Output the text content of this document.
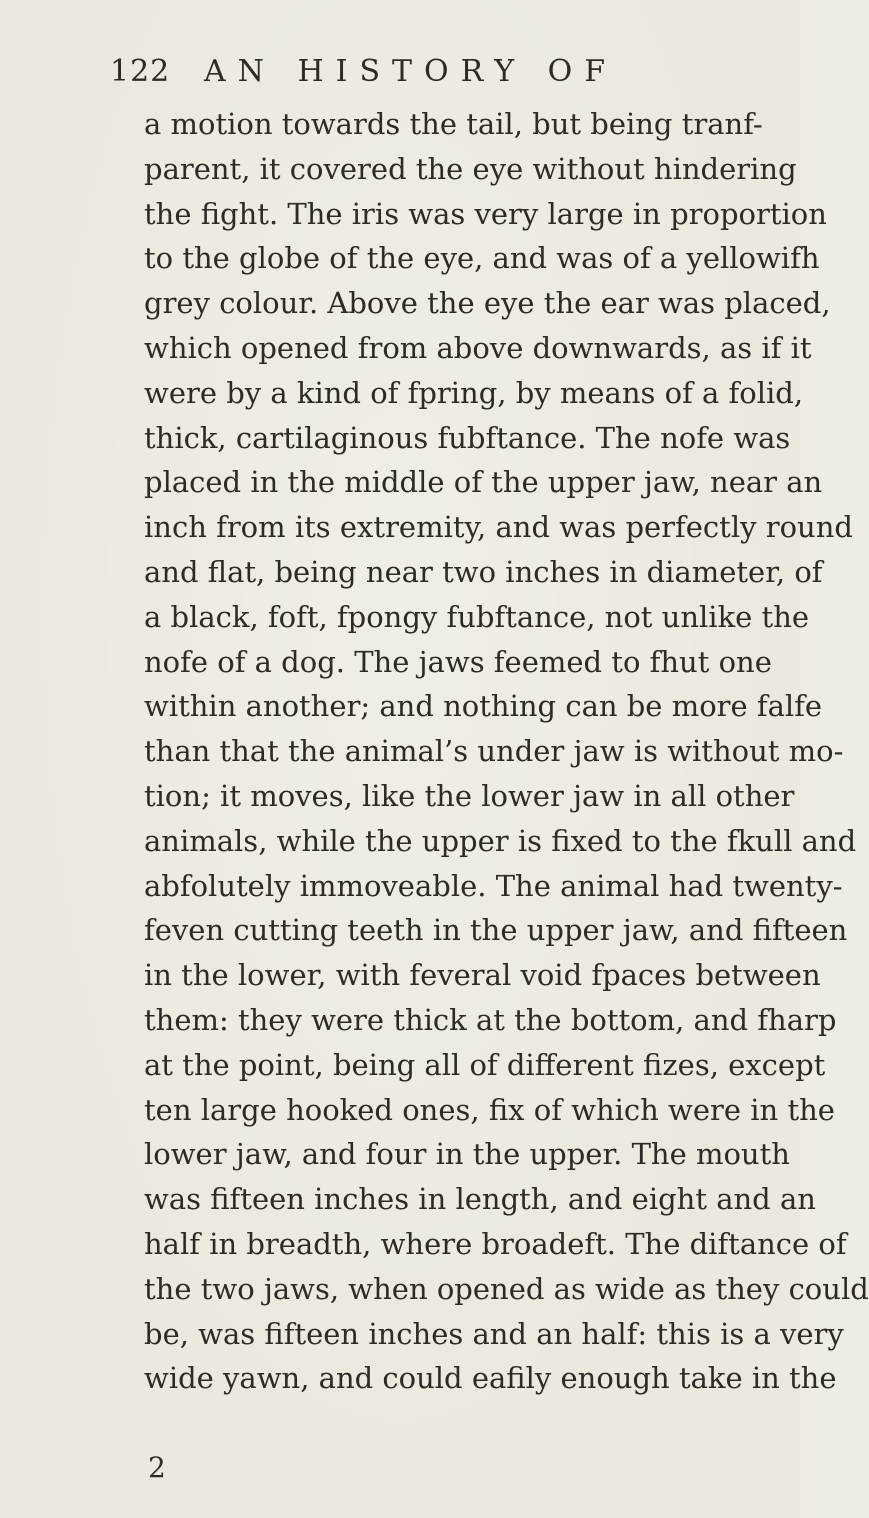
122	AN HISTORY OF
a motion towards the tail, but being tranf-
parent, it covered the eye without hindering
the fight. The iris was very large in proportion
to the globe of the eye, and was of a yellowifh
grey colour. Above the eye the ear was placed,
which opened from above downwards, as if it
were by a kind of fpring, by means of a folid,
thick, cartilaginous fubftance. The nofe was
placed in the middle of the upper jaw, near an
inch from its extremity, and was perfectly round
and flat, being near two inches in diameter, of
a black, foft, fpongy fubftance, not unlike the
nofe of a dog. The jaws feemed to fhut one
within another; and nothing can be more falfe
than that the animal’s under jaw is without mo-
tion; it moves, like the lower jaw in all other
animals, while the upper is fixed to the fkull and
abfolutely immoveable. The animal had twenty-
feven cutting teeth in the upper jaw, and fifteen
in the lower, with feveral void fpaces between
them: they were thick at the bottom, and fharp
at the point, being all of different fizes, except
ten large hooked ones, fix of which were in the
lower jaw, and four in the upper. The mouth
was fifteen inches in length, and eight and an
half in breadth, where broadeft. The diftance of
the two jaws, when opened as wide as they could
be, was fifteen inches and an half: this is a very
wide yawn, and could eafily enough take in the
2
